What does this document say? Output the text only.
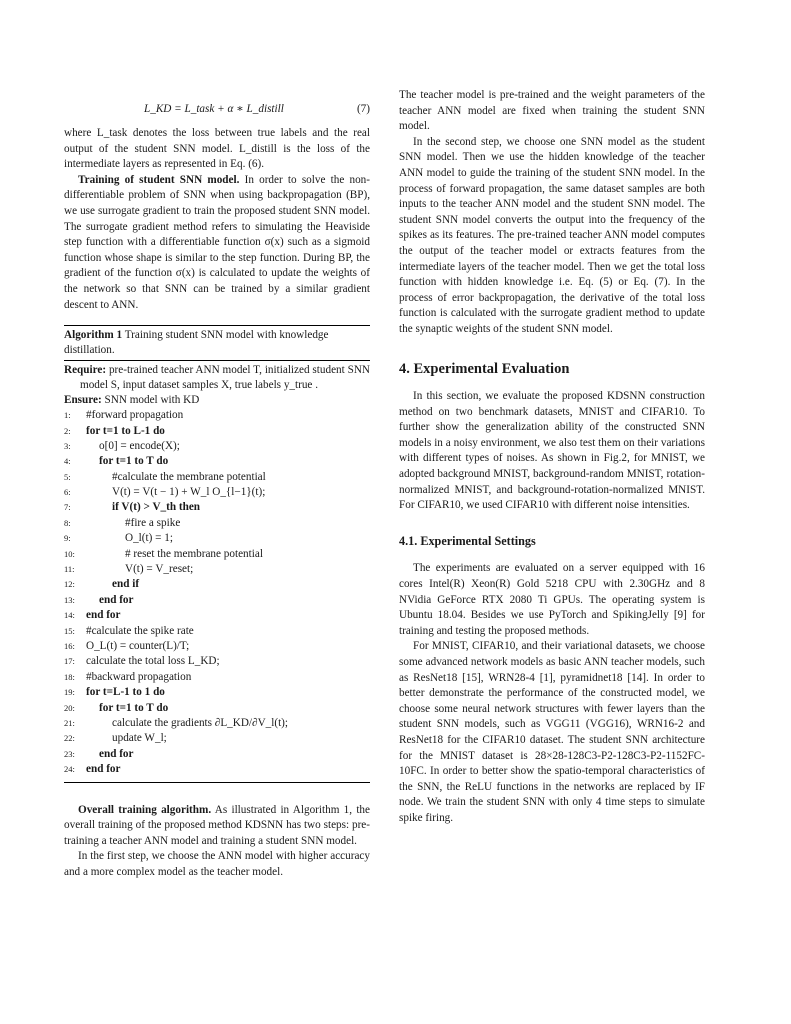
L_KD = L_task + α ∗ L_distill	(7)

where L_task denotes the loss between true labels and the real output of the student SNN model. L_distill is the loss of the intermediate layers as represented in Eq. (6).

Training of student SNN model. In order to solve the non-differentiable problem of SNN when using backpropagation (BP), we use surrogate gradient to train the proposed student SNN model. The surrogate gradient method refers to simulating the Heaviside step function with a differentiable function σ(x) such as a sigmoid function whose shape is similar to the step function. During BP, the gradient of the function σ(x) is calculated to update the weights of the network so that SNN can be trained by a similar gradient descent to ANN.

Algorithm 1 Training student SNN model with knowledge distillation.
Require: pre-trained teacher ANN model T, initialized student SNN model S, input dataset samples X, true labels y_true .
Ensure: SNN model with KD
1:	#forward propagation
2:	for t=1 to L-1 do
3:	o[0] = encode(X);
4:	for t=1 to T do
5:	#calculate the membrane potential
6:	V(t) = V(t − 1) + W_l O_{l−1}(t);
7:	if V(t) > V_th then
8:	#fire a spike
9:	O_l(t) = 1;
10:	# reset the membrane potential
11:	V(t) = V_reset;
12:	end if
13:	end for
14: end for
15: #calculate the spike rate
16: O_L(t) = counter(L)/T;
17: calculate the total loss L_KD;
18: #backward propagation
19: for t=L-1 to 1 do
20:	for t=1 to T do
21:	calculate the gradients ∂L_KD/∂V_l(t);
22:	update W_l;
23:	end for
24: end for

Overall training algorithm. As illustrated in Algorithm 1, the overall training of the proposed method KDSNN has two steps: pre-training a teacher ANN model and training a student SNN model.

In the first step, we choose the ANN model with higher accuracy and a more complex model as the teacher model.

The teacher model is pre-trained and the weight parameters of the teacher ANN model are fixed when training the student SNN model.

In the second step, we choose one SNN model as the student SNN model. Then we use the hidden knowledge of the teacher ANN model to guide the training of the student SNN model. In the process of forward propagation, the same dataset samples are both inputs to the teacher ANN model and the student SNN model. The student SNN model converts the output into the frequency of the spikes as its features. The pre-trained teacher ANN model computes the output of the teacher model or extracts features from the intermediate layers of the teacher model. Then we get the total loss function with hidden knowledge i.e. Eq. (5) or Eq. (7). In the process of error backpropagation, the derivative of the total loss function is calculated with the surrogate gradient method to update the synaptic weights of the student SNN model.

4. Experimental Evaluation

In this section, we evaluate the proposed KDSNN construction method on two benchmark datasets, MNIST and CIFAR10. To further show the generalization ability of the constructed SNN models in a noisy environment, we also test them on their variations with different types of noises. As shown in Fig.2, for MNIST, we adopted background MNIST, background-random MNIST, rotation-normalized MNIST, and background-rotation-normalized MNIST. For CIFAR10, we used CIFAR10 with different noise intensities.

4.1. Experimental Settings

The experiments are evaluated on a server equipped with 16 cores Intel(R) Xeon(R) Gold 5218 CPU with 2.30GHz and 8 NVidia GeForce RTX 2080 Ti GPUs. The operating system is Ubuntu 18.04. Besides we use PyTorch and SpikingJelly [9] for training and testing the proposed methods.

For MNIST, CIFAR10, and their variational datasets, we choose some advanced network models as basic ANN teacher models, such as ResNet18 [15], WRN28-4 [1], pyramidnet18 [14]. In order to better demonstrate the performance of the constructed model, we choose some neural network structures with fewer layers than the student SNN models, such as VGG11 (VGG16), WRN16-2 and ResNet18 for the CIFAR10 dataset. The student SNN architecture for the MNIST dataset is 28×28-128C3-P2-128C3-P2-1152FC-10FC. In order to better show the spatio-temporal characteristics of the SNN, the ReLU functions in the networks are replaced by IF node. We train the student SNN with only 4 time steps to simulate spike firing.
